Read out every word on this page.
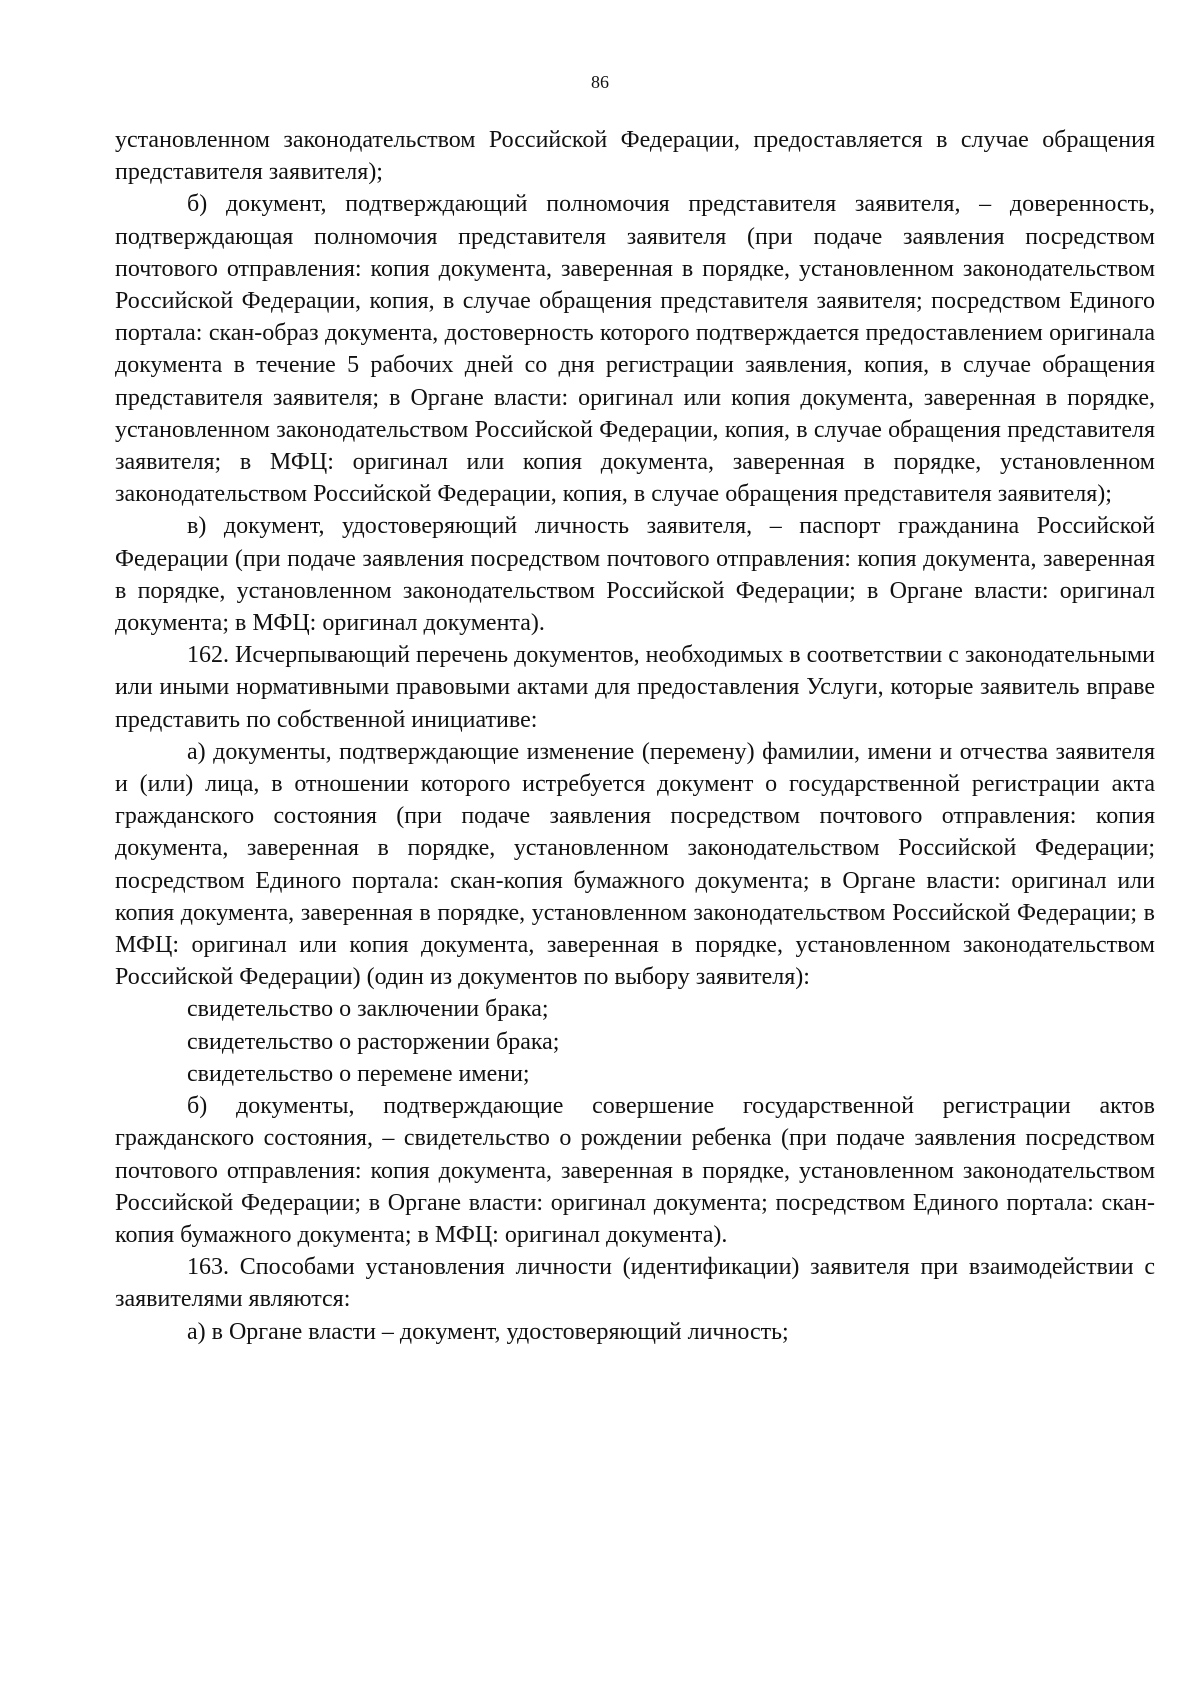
86

установленном законодательством Российской Федерации, предоставляется в случае обращения представителя заявителя);

б) документ, подтверждающий полномочия представителя заявителя, – доверенность, подтверждающая полномочия представителя заявителя (при подаче заявления посредством почтового отправления: копия документа, заверенная в порядке, установленном законодательством Российской Федерации, копия, в случае обращения представителя заявителя; посредством Единого портала: скан-образ документа, достоверность которого подтверждается предоставлением оригинала документа в течение 5 рабочих дней со дня регистрации заявления, копия, в случае обращения представителя заявителя; в Органе власти: оригинал или копия документа, заверенная в порядке, установленном законодательством Российской Федерации, копия, в случае обращения представителя заявителя; в МФЦ: оригинал или копия документа, заверенная в порядке, установленном законодательством Российской Федерации, копия, в случае обращения представителя заявителя);

в) документ, удостоверяющий личность заявителя, – паспорт гражданина Российской Федерации (при подаче заявления посредством почтового отправления: копия документа, заверенная в порядке, установленном законодательством Российской Федерации; в Органе власти: оригинал документа; в МФЦ: оригинал документа).

162. Исчерпывающий перечень документов, необходимых в соответствии с законодательными или иными нормативными правовыми актами для предоставления Услуги, которые заявитель вправе представить по собственной инициативе:

а) документы, подтверждающие изменение (перемену) фамилии, имени и отчества заявителя и (или) лица, в отношении которого истребуется документ о государственной регистрации акта гражданского состояния (при подаче заявления посредством почтового отправления: копия документа, заверенная в порядке, установленном законодательством Российской Федерации; посредством Единого портала: скан-копия бумажного документа; в Органе власти: оригинал или копия документа, заверенная в порядке, установленном законодательством Российской Федерации; в МФЦ: оригинал или копия документа, заверенная в порядке, установленном законодательством Российской Федерации) (один из документов по выбору заявителя):

свидетельство о заключении брака;

свидетельство о расторжении брака;

свидетельство о перемене имени;

б) документы, подтверждающие совершение государственной регистрации актов гражданского состояния, – свидетельство о рождении ребенка (при подаче заявления посредством почтового отправления: копия документа, заверенная в порядке, установленном законодательством Российской Федерации; в Органе власти: оригинал документа; посредством Единого портала: скан-копия бумажного документа; в МФЦ: оригинал документа).

163. Способами установления личности (идентификации) заявителя при взаимодействии с заявителями являются:

а) в Органе власти – документ, удостоверяющий личность;
